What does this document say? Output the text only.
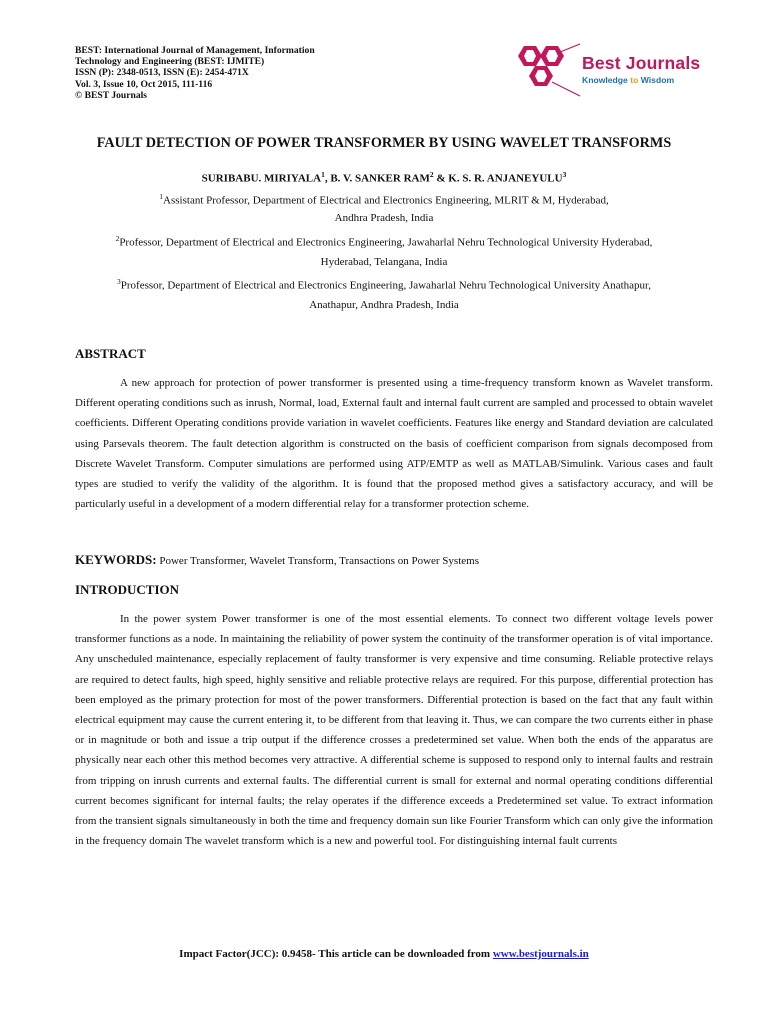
BEST: International Journal of Management, Information
Technology and Engineering (BEST: IJMITE)
ISSN (P): 2348-0513, ISSN (E): 2454-471X
Vol. 3, Issue 10, Oct 2015, 111-116
© BEST Journals
Best Journals
Knowledge to Wisdom
FAULT DETECTION OF POWER TRANSFORMER BY USING WAVELET TRANSFORMS
SURIBABU. MIRIYALA$^1$, B. V. SANKER RAM$^2$ & K. S. R. ANJANEYULU$^3$
$^1$Assistant Professor, Department of Electrical and Electronics Engineering, MLRIT & M, Hyderabad,
Andhra Pradesh, India
$^2$Professor, Department of Electrical and Electronics Engineering, Jawaharlal Nehru Technological University Hyderabad,
Hyderabad, Telangana, India
$^3$Professor, Department of Electrical and Electronics Engineering, Jawaharlal Nehru Technological University Anathapur,
Anathapur, Andhra Pradesh, India
ABSTRACT

A new approach for protection of power transformer is presented using a time-frequency transform known as Wavelet transform. Different operating conditions such as inrush, Normal, load, External fault and internal fault current are sampled and processed to obtain wavelet coefficients. Different Operating conditions provide variation in wavelet coefficients. Features like energy and Standard deviation are calculated using Parsevals theorem. The fault detection algorithm is constructed on the basis of coefficient comparison from signals decomposed from Discrete Wavelet Transform. Computer simulations are performed using ATP/EMTP as well as MATLAB/Simulink. Various cases and fault types are studied to verify the validity of the algorithm. It is found that the proposed method gives a satisfactory accuracy, and will be particularly useful in a development of a modern differential relay for a transformer protection scheme.

KEYWORDS: Power Transformer, Wavelet Transform, Transactions on Power Systems
INTRODUCTION

In the power system Power transformer is one of the most essential elements. To connect two different voltage levels power transformer functions as a node. In maintaining the reliability of power system the continuity of the transformer operation is of vital importance. Any unscheduled maintenance, especially replacement of faulty transformer is very expensive and time consuming. Reliable protective relays are required to detect faults, high speed, highly sensitive and reliable protective relays are required. For this purpose, differential protection has been employed as the primary protection for most of the power transformers. Differential protection is based on the fact that any fault within electrical equipment may cause the current entering it, to be different from that leaving it. Thus, we can compare the two currents either in phase or in magnitude or both and issue a trip output if the difference crosses a predetermined set value. When both the ends of the apparatus are physically near each other this method becomes very attractive. A differential scheme is supposed to respond only to internal faults and restrain from tripping on inrush currents and external faults. The differential current is small for external and normal operating conditions differential current becomes significant for internal faults; the relay operates if the difference exceeds a Predetermined set value. To extract information from the transient signals simultaneously in both the time and frequency domain sun like Fourier Transform which can only give the information in the frequency domain The wavelet transform which is a new and powerful tool. For distinguishing internal fault currents

Impact Factor(JCC): 0.9458- This article can be downloaded from www.bestjournals.in
